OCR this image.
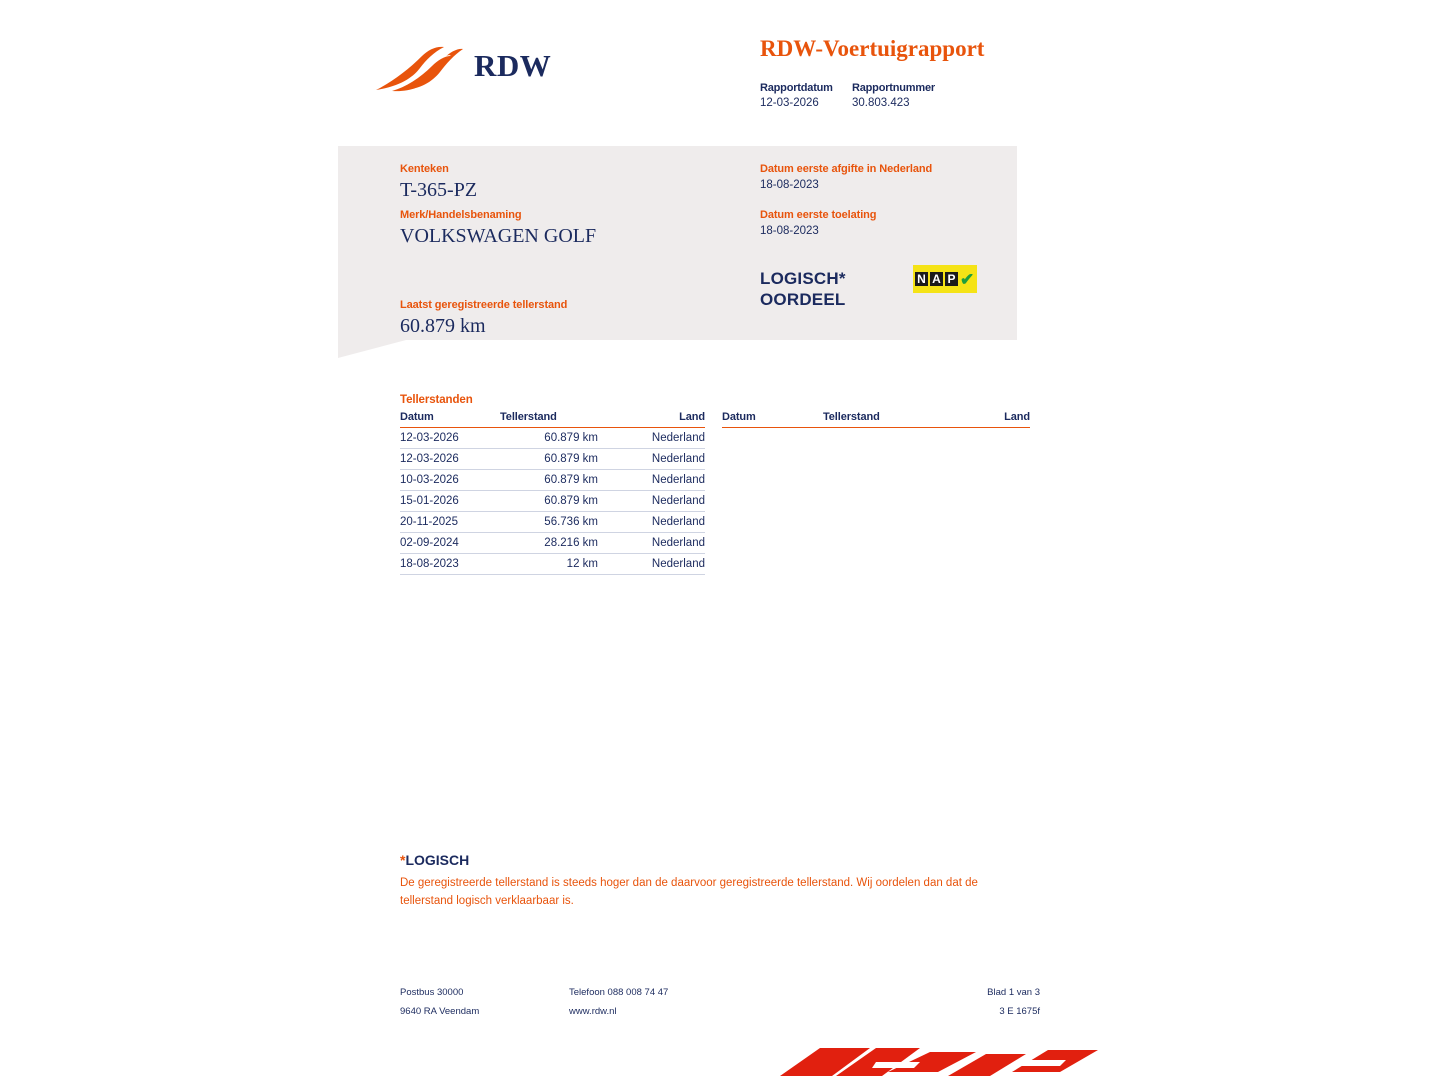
RDW	RDW-Voertuigrapport
Rapportdatum
12-03-2026
Rapportnummer
30.803.423
Kenteken
T-365-PZ
Merk/Handelsbenaming
VOLKSWAGEN GOLF
Laatst geregistreerde tellerstand
60.879 km
Datum eerste afgifte in Nederland
18-08-2023
Datum eerste toelating
18-08-2023
LOGISCH*
OORDEEL
N A P ✔
Tellerstanden
Datum	Tellerstand	Land
12-03-2026	60.879 km	Nederland
12-03-2026	60.879 km	Nederland
10-03-2026	60.879 km	Nederland
15-01-2026	60.879 km	Nederland
20-11-2025	56.736 km	Nederland
02-09-2024	28.216 km	Nederland
18-08-2023	12 km	Nederland
Datum	Tellerstand	Land
*LOGISCH
De geregistreerde tellerstand is steeds hoger dan de daarvoor geregistreerde tellerstand. Wij oordelen dan dat de tellerstand logisch verklaarbaar is.
Postbus 30000
9640 RA Veendam
Telefoon 088 008 74 47
www.rdw.nl
Blad 1 van 3
3 E 1675f
